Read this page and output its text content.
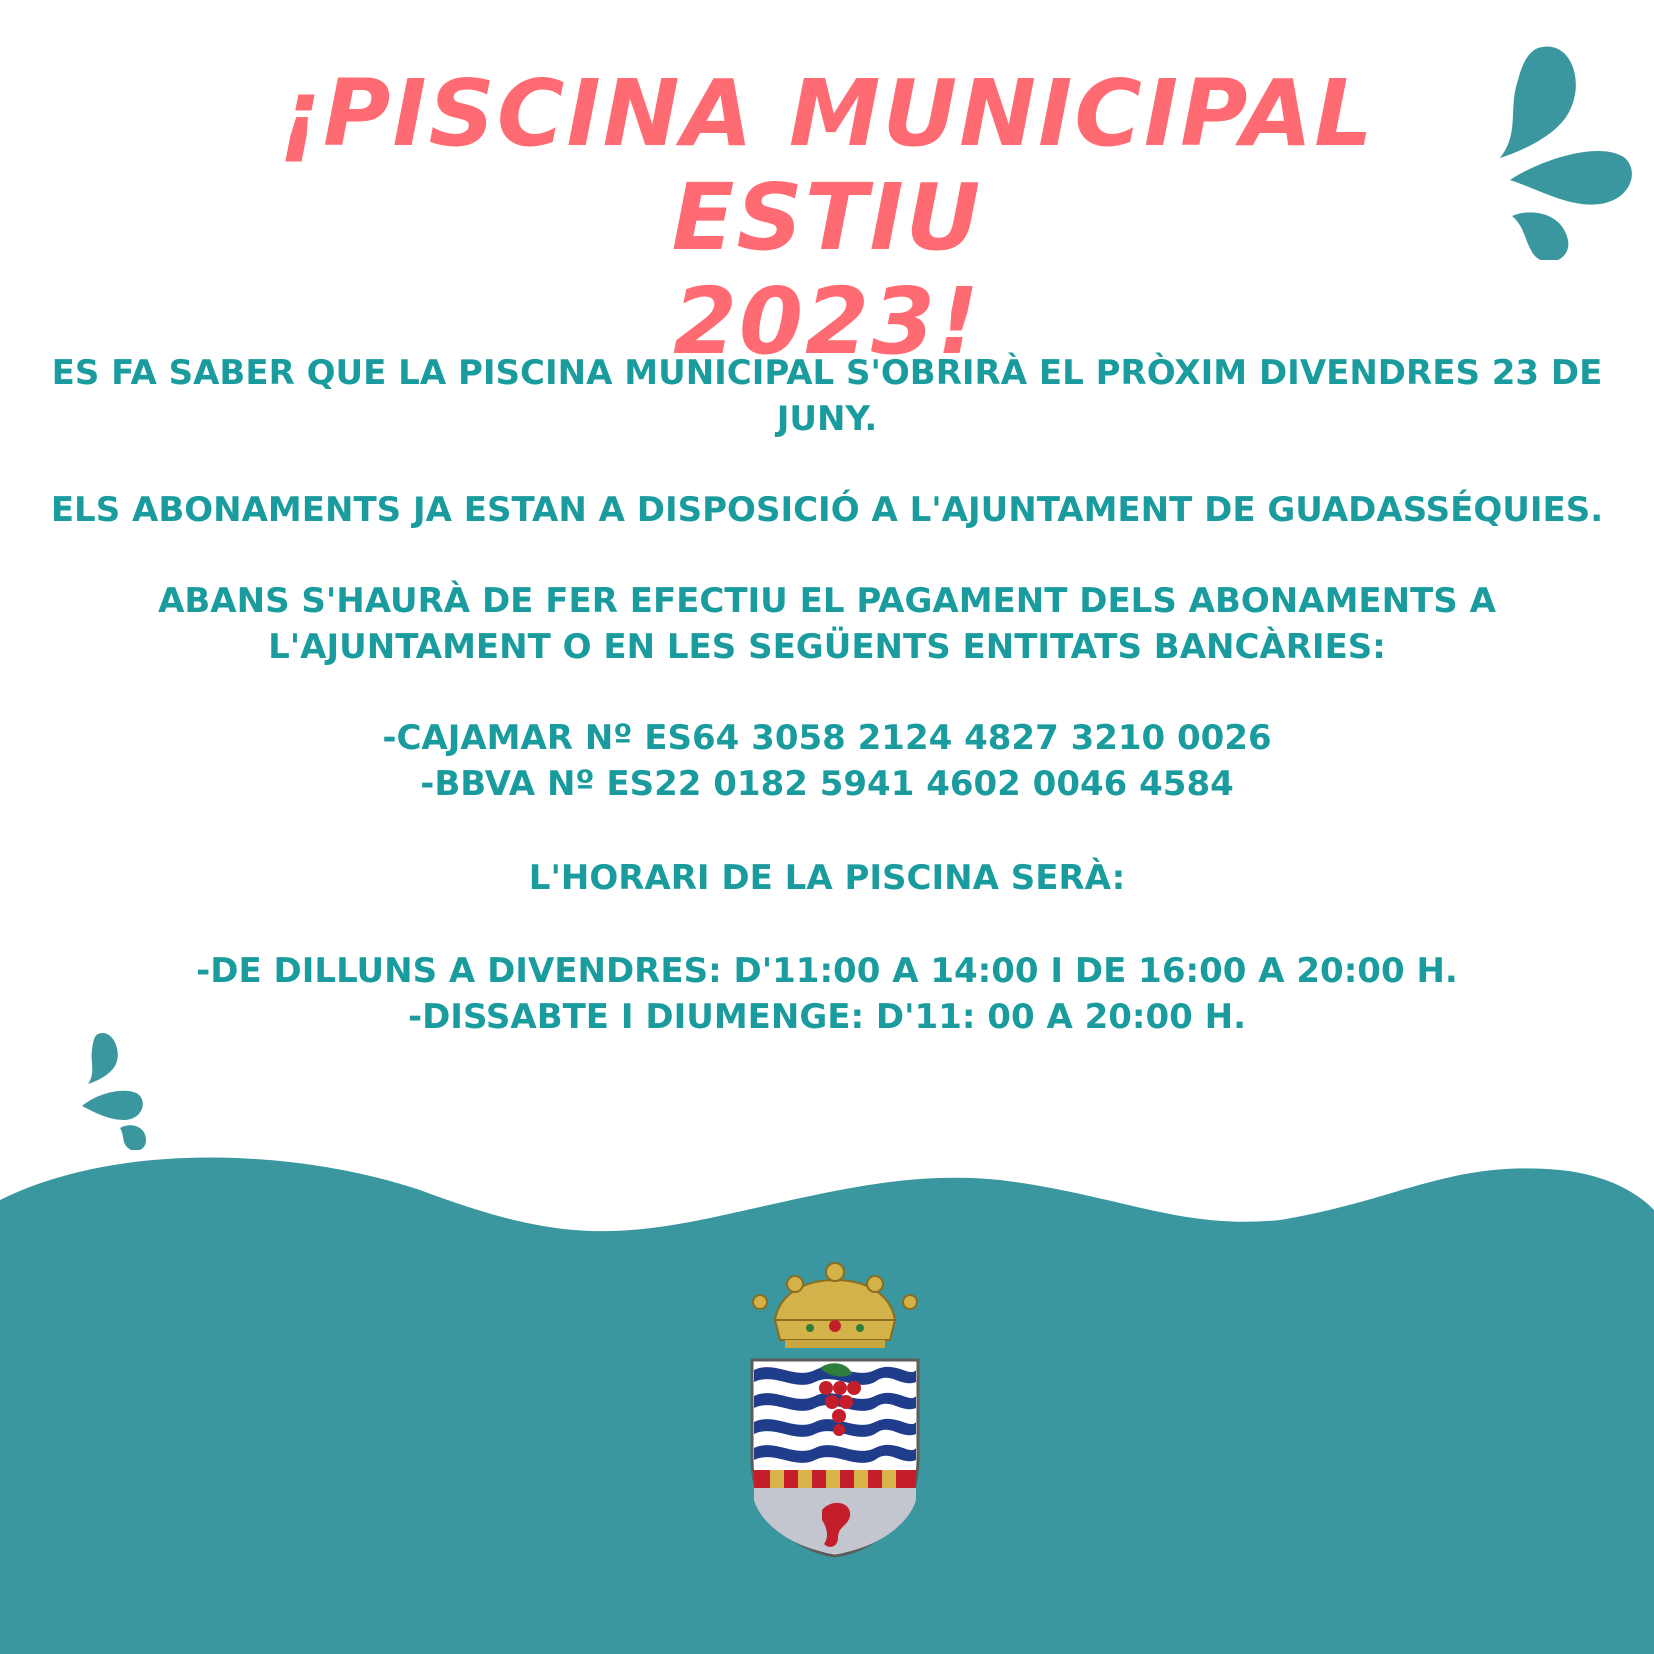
¡PISCINA MUNICIPAL ESTIU
2023!
ES FA SABER QUE LA PISCINA MUNICIPAL S'OBRIRÀ EL PRÒXIM DIVENDRES 23 DE
JUNY.
ELS ABONAMENTS JA ESTAN A DISPOSICIÓ A L'AJUNTAMENT DE GUADASSÉQUIES.
ABANS S'HAURÀ DE FER EFECTIU EL PAGAMENT DELS ABONAMENTS A
L'AJUNTAMENT O EN LES SEGÜENTS ENTITATS BANCÀRIES:
-CAJAMAR Nº ES64 3058 2124 4827 3210 0026
-BBVA Nº ES22 0182 5941 4602 0046 4584
L'HORARI DE LA PISCINA SERÀ:
-DE DILLUNS A DIVENDRES: D'11:00 A 14:00 I DE 16:00 A 20:00 H.
-DISSABTE I DIUMENGE: D'11: 00 A 20:00 H.
